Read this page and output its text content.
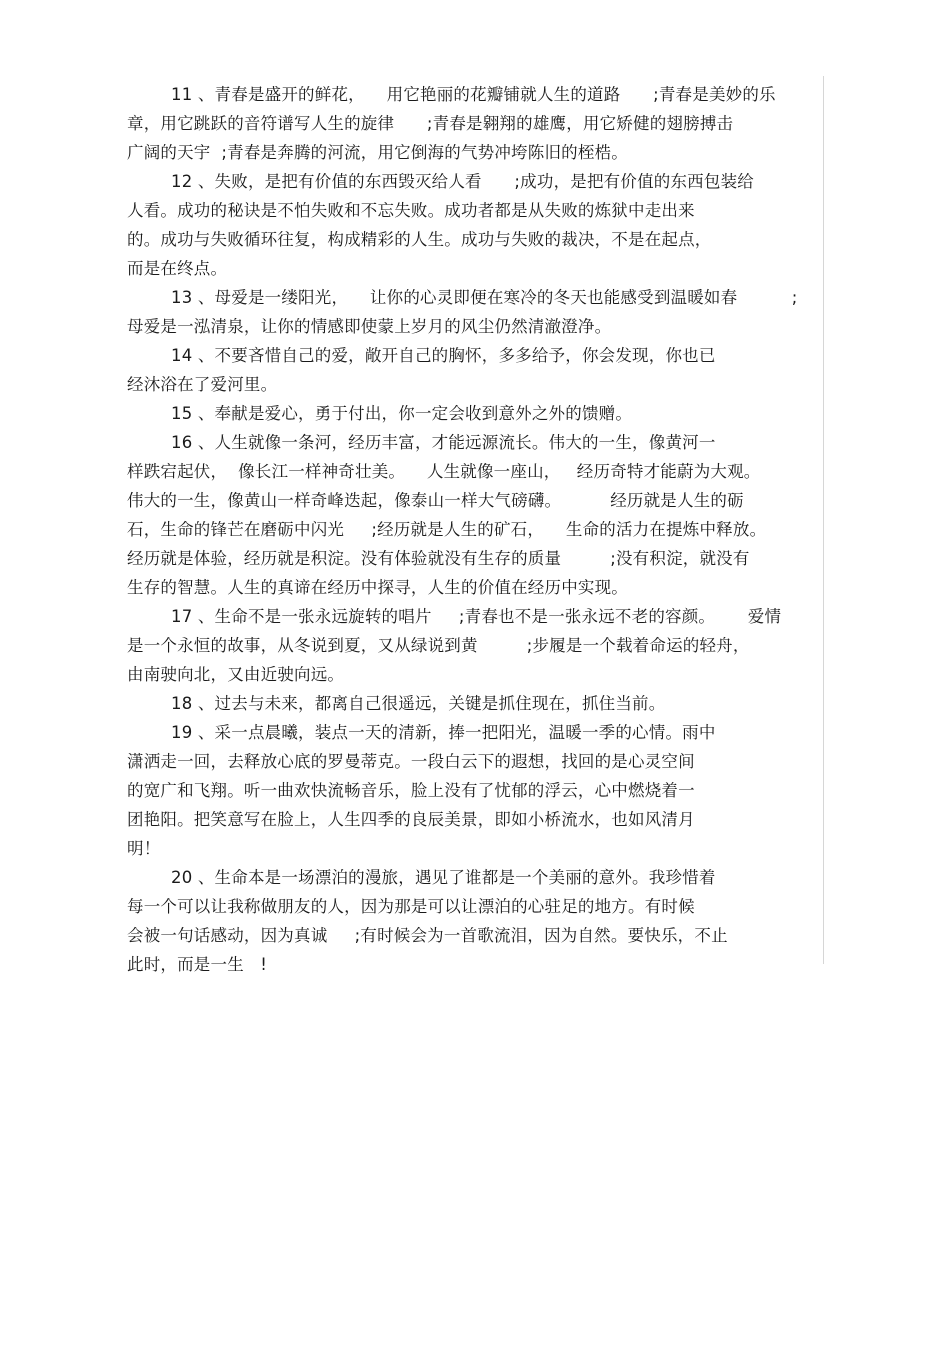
11 、青春是盛开的鲜花，    用它艳丽的花瓣铺就人生的道路      ;青春是美妙的乐
章，用它跳跃的音符谱写人生的旋律      ;青春是翱翔的雄鹰，用它矫健的翅膀搏击
广阔的天宇  ;青春是奔腾的河流，用它倒海的气势冲垮陈旧的桎梏。
12 、失败，是把有价值的东西毁灭给人看      ;成功，是把有价值的东西包装给
人看。成功的秘诀是不怕失败和不忘失败。成功者都是从失败的炼狱中走出来
的。成功与失败循环往复，构成精彩的人生。成功与失败的裁决，不是在起点，
而是在终点。
13 、母爱是一缕阳光，    让你的心灵即便在寒冷的冬天也能感受到温暖如春          ;
母爱是一泓清泉，让你的情感即使蒙上岁月的风尘仍然清澈澄净。
14 、不要吝惜自己的爱，敞开自己的胸怀，多多给予，你会发现，你也已
经沐浴在了爱河里。
15 、奉献是爱心，勇于付出，你一定会收到意外之外的馈赠。
16 、人生就像一条河，经历丰富，才能远源流长。伟大的一生，像黄河一
样跌宕起伏，  像长江一样神奇壮美。    人生就像一座山，   经历奇特才能蔚为大观。
伟大的一生，像黄山一样奇峰迭起，像泰山一样大气磅礴。         经历就是人生的砺
石，生命的锋芒在磨砺中闪光     ;经历就是人生的矿石，    生命的活力在提炼中释放。
经历就是体验，经历就是积淀。没有体验就没有生存的质量         ;没有积淀，就没有
生存的智慧。人生的真谛在经历中探寻，人生的价值在经历中实现。
17 、生命不是一张永远旋转的唱片     ;青春也不是一张永远不老的容颜。      爱情
是一个永恒的故事，从冬说到夏，又从绿说到黄         ;步履是一个载着命运的轻舟，
由南驶向北，又由近驶向远。
18 、过去与未来，都离自己很遥远，关键是抓住现在，抓住当前。
19 、采一点晨曦，装点一天的清新，捧一把阳光，温暖一季的心情。雨中
潇洒走一回，去释放心底的罗曼蒂克。一段白云下的遐想，找回的是心灵空间
的宽广和飞翔。听一曲欢快流畅音乐，脸上没有了忧郁的浮云，心中燃烧着一
团艳阳。把笑意写在脸上，人生四季的良辰美景，即如小桥流水，也如风清月
明！
20 、生命本是一场漂泊的漫旅，遇见了谁都是一个美丽的意外。我珍惜着
每一个可以让我称做朋友的人，因为那是可以让漂泊的心驻足的地方。有时候
会被一句话感动，因为真诚     ;有时候会为一首歌流泪，因为自然。要快乐，不止
此时，而是一生   !
